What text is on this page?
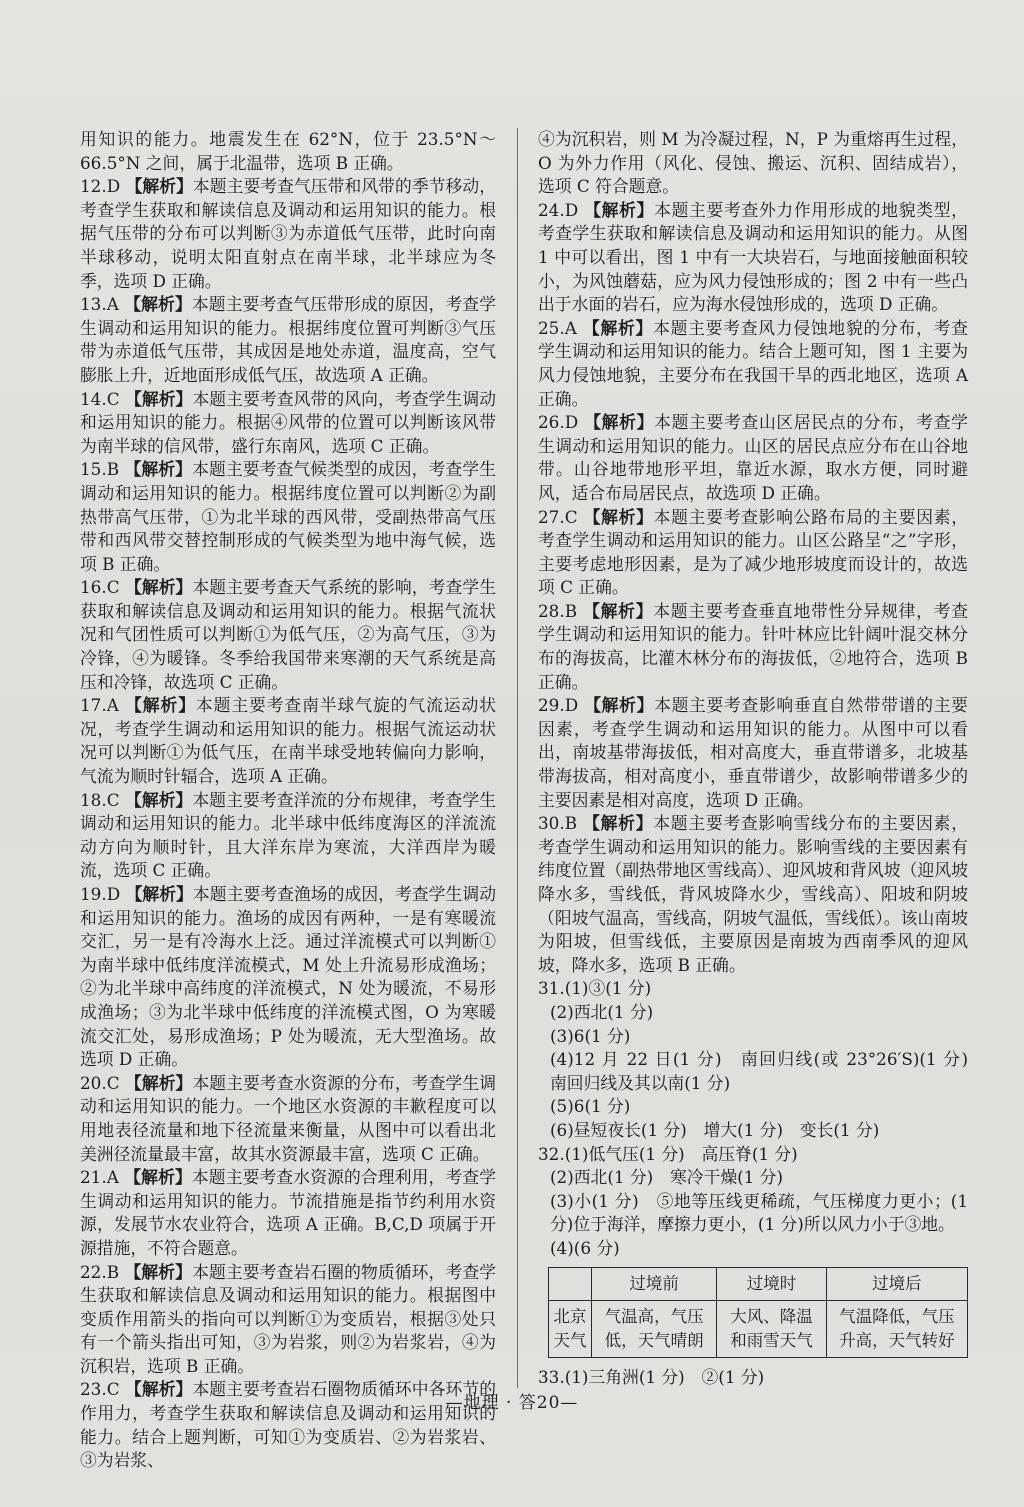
用知识的能力。地震发生在 62°N，位于 23.5°N～66.5°N 之间，属于北温带，选项 B 正确。

12.D 【解析】本题主要考查气压带和风带的季节移动，考查学生获取和解读信息及调动和运用知识的能力。根据气压带的分布可以判断③为赤道低气压带，此时向南半球移动，说明太阳直射点在南半球，北半球应为冬季，选项 D 正确。

13.A 【解析】本题主要考查气压带形成的原因，考查学生调动和运用知识的能力。根据纬度位置可判断③气压带为赤道低气压带，其成因是地处赤道，温度高，空气膨胀上升，近地面形成低气压，故选项 A 正确。

14.C 【解析】本题主要考查风带的风向，考查学生调动和运用知识的能力。根据④风带的位置可以判断该风带为南半球的信风带，盛行东南风，选项 C 正确。

15.B 【解析】本题主要考查气候类型的成因，考查学生调动和运用知识的能力。根据纬度位置可以判断②为副热带高气压带，①为北半球的西风带，受副热带高气压带和西风带交替控制形成的气候类型为地中海气候，选项 B 正确。

16.C 【解析】本题主要考查天气系统的影响，考查学生获取和解读信息及调动和运用知识的能力。根据气流状况和气团性质可以判断①为低气压，②为高气压，③为冷锋，④为暖锋。冬季给我国带来寒潮的天气系统是高压和冷锋，故选项 C 正确。

17.A 【解析】本题主要考查南半球气旋的气流运动状况，考查学生调动和运用知识的能力。根据气流运动状况可以判断①为低气压，在南半球受地转偏向力影响，气流为顺时针辐合，选项 A 正确。

18.C 【解析】本题主要考查洋流的分布规律，考查学生调动和运用知识的能力。北半球中低纬度海区的洋流流动方向为顺时针，且大洋东岸为寒流，大洋西岸为暖流，选项 C 正确。

19.D 【解析】本题主要考查渔场的成因，考查学生调动和运用知识的能力。渔场的成因有两种，一是有寒暖流交汇，另一是有冷海水上泛。通过洋流模式可以判断①为南半球中低纬度洋流模式，M 处上升流易形成渔场；②为北半球中高纬度的洋流模式，N 处为暖流，不易形成渔场；③为北半球中低纬度的洋流模式图，O 为寒暖流交汇处，易形成渔场；P 处为暖流，无大型渔场。故选项 D 正确。

20.C 【解析】本题主要考查水资源的分布，考查学生调动和运用知识的能力。一个地区水资源的丰歉程度可以用地表径流量和地下径流量来衡量，从图中可以看出北美洲径流量最丰富，故其水资源最丰富，选项 C 正确。

21.A 【解析】本题主要考查水资源的合理利用，考查学生调动和运用知识的能力。节流措施是指节约利用水资源，发展节水农业符合，选项 A 正确。B,C,D 项属于开源措施，不符合题意。

22.B 【解析】本题主要考查岩石圈的物质循环，考查学生获取和解读信息及调动和运用知识的能力。根据图中变质作用箭头的指向可以判断①为变质岩，根据③处只有一个箭头指出可知，③为岩浆，则②为岩浆岩，④为沉积岩，选项 B 正确。

23.C 【解析】本题主要考查岩石圈物质循环中各环节的作用力，考查学生获取和解读信息及调动和运用知识的能力。结合上题判断，可知①为变质岩、②为岩浆岩、③为岩浆、

④为沉积岩，则 M 为冷凝过程，N，P 为重熔再生过程，O 为外力作用（风化、侵蚀、搬运、沉积、固结成岩），选项 C 符合题意。

24.D 【解析】本题主要考查外力作用形成的地貌类型，考查学生获取和解读信息及调动和运用知识的能力。从图 1 中可以看出，图 1 中有一大块岩石，与地面接触面积较小，为风蚀蘑菇，应为风力侵蚀形成的；图 2 中有一些凸出于水面的岩石，应为海水侵蚀形成的，选项 D 正确。

25.A 【解析】本题主要考查风力侵蚀地貌的分布，考查学生调动和运用知识的能力。结合上题可知，图 1 主要为风力侵蚀地貌，主要分布在我国干旱的西北地区，选项 A 正确。

26.D 【解析】本题主要考查山区居民点的分布，考查学生调动和运用知识的能力。山区的居民点应分布在山谷地带。山谷地带地形平坦，靠近水源，取水方便，同时避风，适合布局居民点，故选项 D 正确。

27.C 【解析】本题主要考查影响公路布局的主要因素，考查学生调动和运用知识的能力。山区公路呈“之”字形，主要考虑地形因素，是为了减少地形坡度而设计的，故选项 C 正确。

28.B 【解析】本题主要考查垂直地带性分异规律，考查学生调动和运用知识的能力。针叶林应比针阔叶混交林分布的海拔高，比灌木林分布的海拔低，②地符合，选项 B 正确。

29.D 【解析】本题主要考查影响垂直自然带带谱的主要因素，考查学生调动和运用知识的能力。从图中可以看出，南坡基带海拔低，相对高度大，垂直带谱多，北坡基带海拔高，相对高度小，垂直带谱少，故影响带谱多少的主要因素是相对高度，选项 D 正确。

30.B 【解析】本题主要考查影响雪线分布的主要因素，考查学生调动和运用知识的能力。影响雪线的主要因素有纬度位置（副热带地区雪线高）、迎风坡和背风坡（迎风坡降水多，雪线低，背风坡降水少，雪线高）、阳坡和阴坡（阳坡气温高，雪线高，阴坡气温低，雪线低）。该山南坡为阳坡，但雪线低，主要原因是南坡为西南季风的迎风坡，降水多，选项 B 正确。

31.(1)③(1 分)

(2)西北(1 分)

(3)6(1 分)

(4)12 月 22 日(1 分)　南回归线(或 23°26′S)(1 分)　南回归线及其以南(1 分)

(5)6(1 分)

(6)昼短夜长(1 分)　增大(1 分)　变长(1 分)

32.(1)低气压(1 分)　高压脊(1 分)

(2)西北(1 分)　寒冷干燥(1 分)

(3)小(1 分)　⑤地等压线更稀疏，气压梯度力更小；(1 分)位于海洋，摩擦力更小，(1 分)所以风力小于③地。

(4)(6 分)

	过境前	过境时	过境后
北京天气	气温高，气压低，天气晴朗	大风、降温和雨雪天气	气温降低，气压升高，天气转好

33.(1)三角洲(1 分)　②(1 分)

—地理 · 答20—
